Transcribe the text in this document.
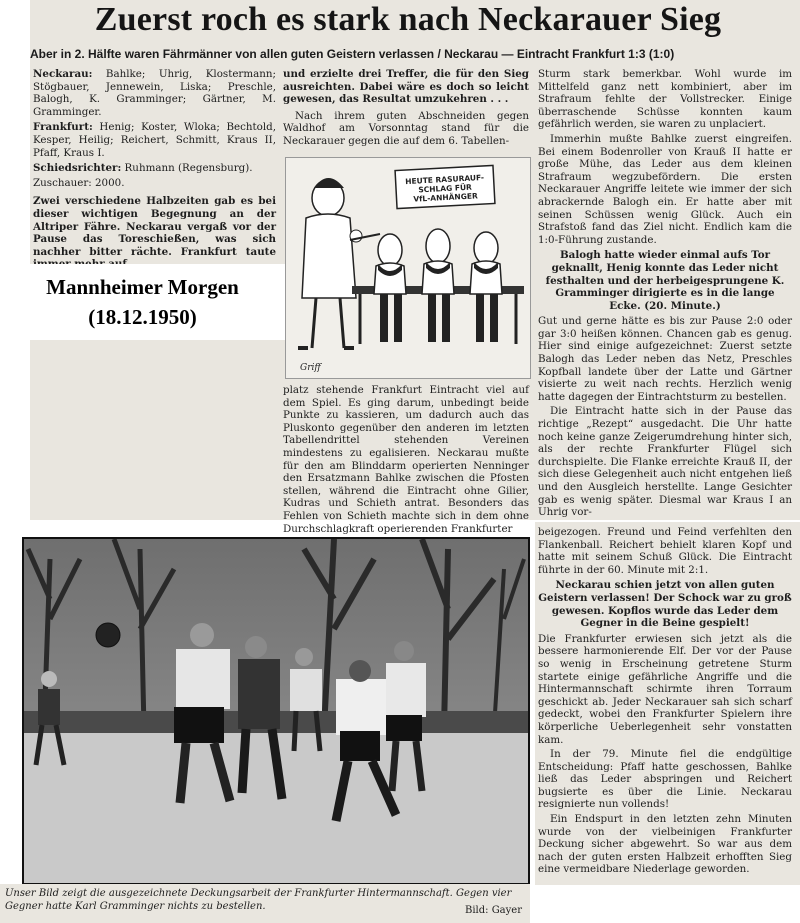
Zuerst roch es stark nach Neckarauer Sieg
Aber in 2. Hälfte waren Fährmänner von allen guten Geistern verlassen / Neckarau — Eintracht Frankfurt 1:3 (1:0)

Neckarau: Bahlke; Uhrig, Klostermann; Stögbauer, Jennewein, Liska; Preschle, Balogh, K. Gramminger; Gärtner, M. Gramminger.

Frankfurt: Henig; Koster, Wloka; Bechtold, Kesper, Heilig; Reichert, Schmitt, Kraus II, Pfaff, Kraus I.

Schiedsrichter: Ruhmann (Regensburg).

Zuschauer: 2000.

Zwei verschiedene Halbzeiten gab es bei dieser wichtigen Begegnung an der Altriper Fähre. Neckarau vergaß vor der Pause das Toreschießen, was sich nachher bitter rächte. Frankfurt taute

Mannheimer Morgen
(18.12.1950)

und erzielte drei Treffer, die für den Sieg ausreichten. Dabei wäre es doch so leicht gewesen, das Resultat umzukehren . . .

Nach ihrem guten Abschneiden gegen Waldhof am Vorsonntag stand für die Neckarauer gegen die auf dem 6. Tabellen-

HEUTE RASURAUF-SCHLAG FÜRVfL-ANHÄNGER
Griff

platz stehende Frankfurt Eintracht viel auf dem Spiel. Es ging darum, unbedingt beide Punkte zu kassieren, um dadurch auch das Pluskonto gegenüber den anderen im letzten Tabellendrittel stehenden Vereinen mindestens zu egalisieren. Neckarau mußte für den am Blinddarm operierten Nenninger den Ersatzmann Bahlke zwischen die Pfosten stellen, während die Eintracht ohne Gilier, Kudras und Schieth antrat. Besonders das Fehlen von Schieth machte sich in dem ohne Durchschlagkraft operierenden Frankfurter

Sturm stark bemerkbar. Wohl wurde im Mittelfeld ganz nett kombiniert, aber im Strafraum fehlte der Vollstrecker. Einige überraschende Schüsse konnten kaum gefährlich werden, sie waren zu unplaciert.

Immerhin mußte Bahlke zuerst eingreifen. Bei einem Bodenroller von Krauß II hatte er große Mühe, das Leder aus dem kleinen Strafraum wegzubefördern. Die ersten Neckarauer Angriffe leitete wie immer der sich abrackernde Balogh ein. Er hatte aber mit seinen Schüssen wenig Glück. Auch ein Strafstoß fand das Ziel nicht. Endlich kam die 1:0-Führung zustande.

Balogh hatte wieder einmal aufs Tor geknallt, Henig konnte das Leder nicht festhalten und der herbeigesprungene K. Gramminger dirigierte es in die lange Ecke. (20. Minute.)

Gut und gerne hätte es bis zur Pause 2:0 oder gar 3:0 heißen können. Chancen gab es genug. Hier sind einige aufgezeichnet: Zuerst setzte Balogh das Leder neben das Netz, Preschles Kopfball landete über der Latte und Gärtner visierte zu weit nach rechts. Herzlich wenig hatte dagegen der Eintrachtsturm zu bestellen.

Die Eintracht hatte sich in der Pause das richtige „Rezept“ ausgedacht. Die Uhr hatte noch keine ganze Zeigerumdrehung hinter sich, als der rechte Frankfurter Flügel sich durchspielte. Die Flanke erreichte Krauß II, der sich diese Gelegenheit auch nicht entgehen ließ und den Ausgleich herstellte. Lange Gesichter gab es wenig später. Diesmal war Kraus I an Uhrig vor-

beigezogen. Freund und Feind verfehlten den Flankenball. Reichert behielt klaren Kopf und hatte mit seinem Schuß Glück. Die Eintracht führte in der 60. Minute mit 2:1.

Neckarau schien jetzt von allen guten Geistern verlassen! Der Schock war zu groß gewesen. Kopflos wurde das Leder dem Gegner in die Beine gespielt!

Die Frankfurter erwiesen sich jetzt als die bessere harmonierende Elf. Der vor der Pause so wenig in Erscheinung getretene Sturm startete einige gefährliche Angriffe und die Hintermannschaft schirmte ihren Torraum geschickt ab. Jeder Neckarauer sah sich scharf gedeckt, wobei den Frankfurter Spielern ihre körperliche Ueberlegenheit sehr vonstatten kam.

In der 79. Minute fiel die endgültige Entscheidung: Pfaff hatte geschossen, Bahlke ließ das Leder abspringen und Reichert bugsierte es über die Linie. Neckarau resignierte nun vollends!

Ein Endspurt in den letzten zehn Minuten wurde von der vielbeinigen Frankfurter Deckung sicher abgewehrt. So war aus dem nach der guten ersten Halbzeit erhofften Sieg eine vermeidbare Niederlage geworden.

Unser Bild zeigt die ausgezeichnete Deckungsarbeit der Frankfurter Hintermannschaft. Gegen vier Gegner hatte Karl Gramminger nichts zu bestellen.	Bild: Gayer
